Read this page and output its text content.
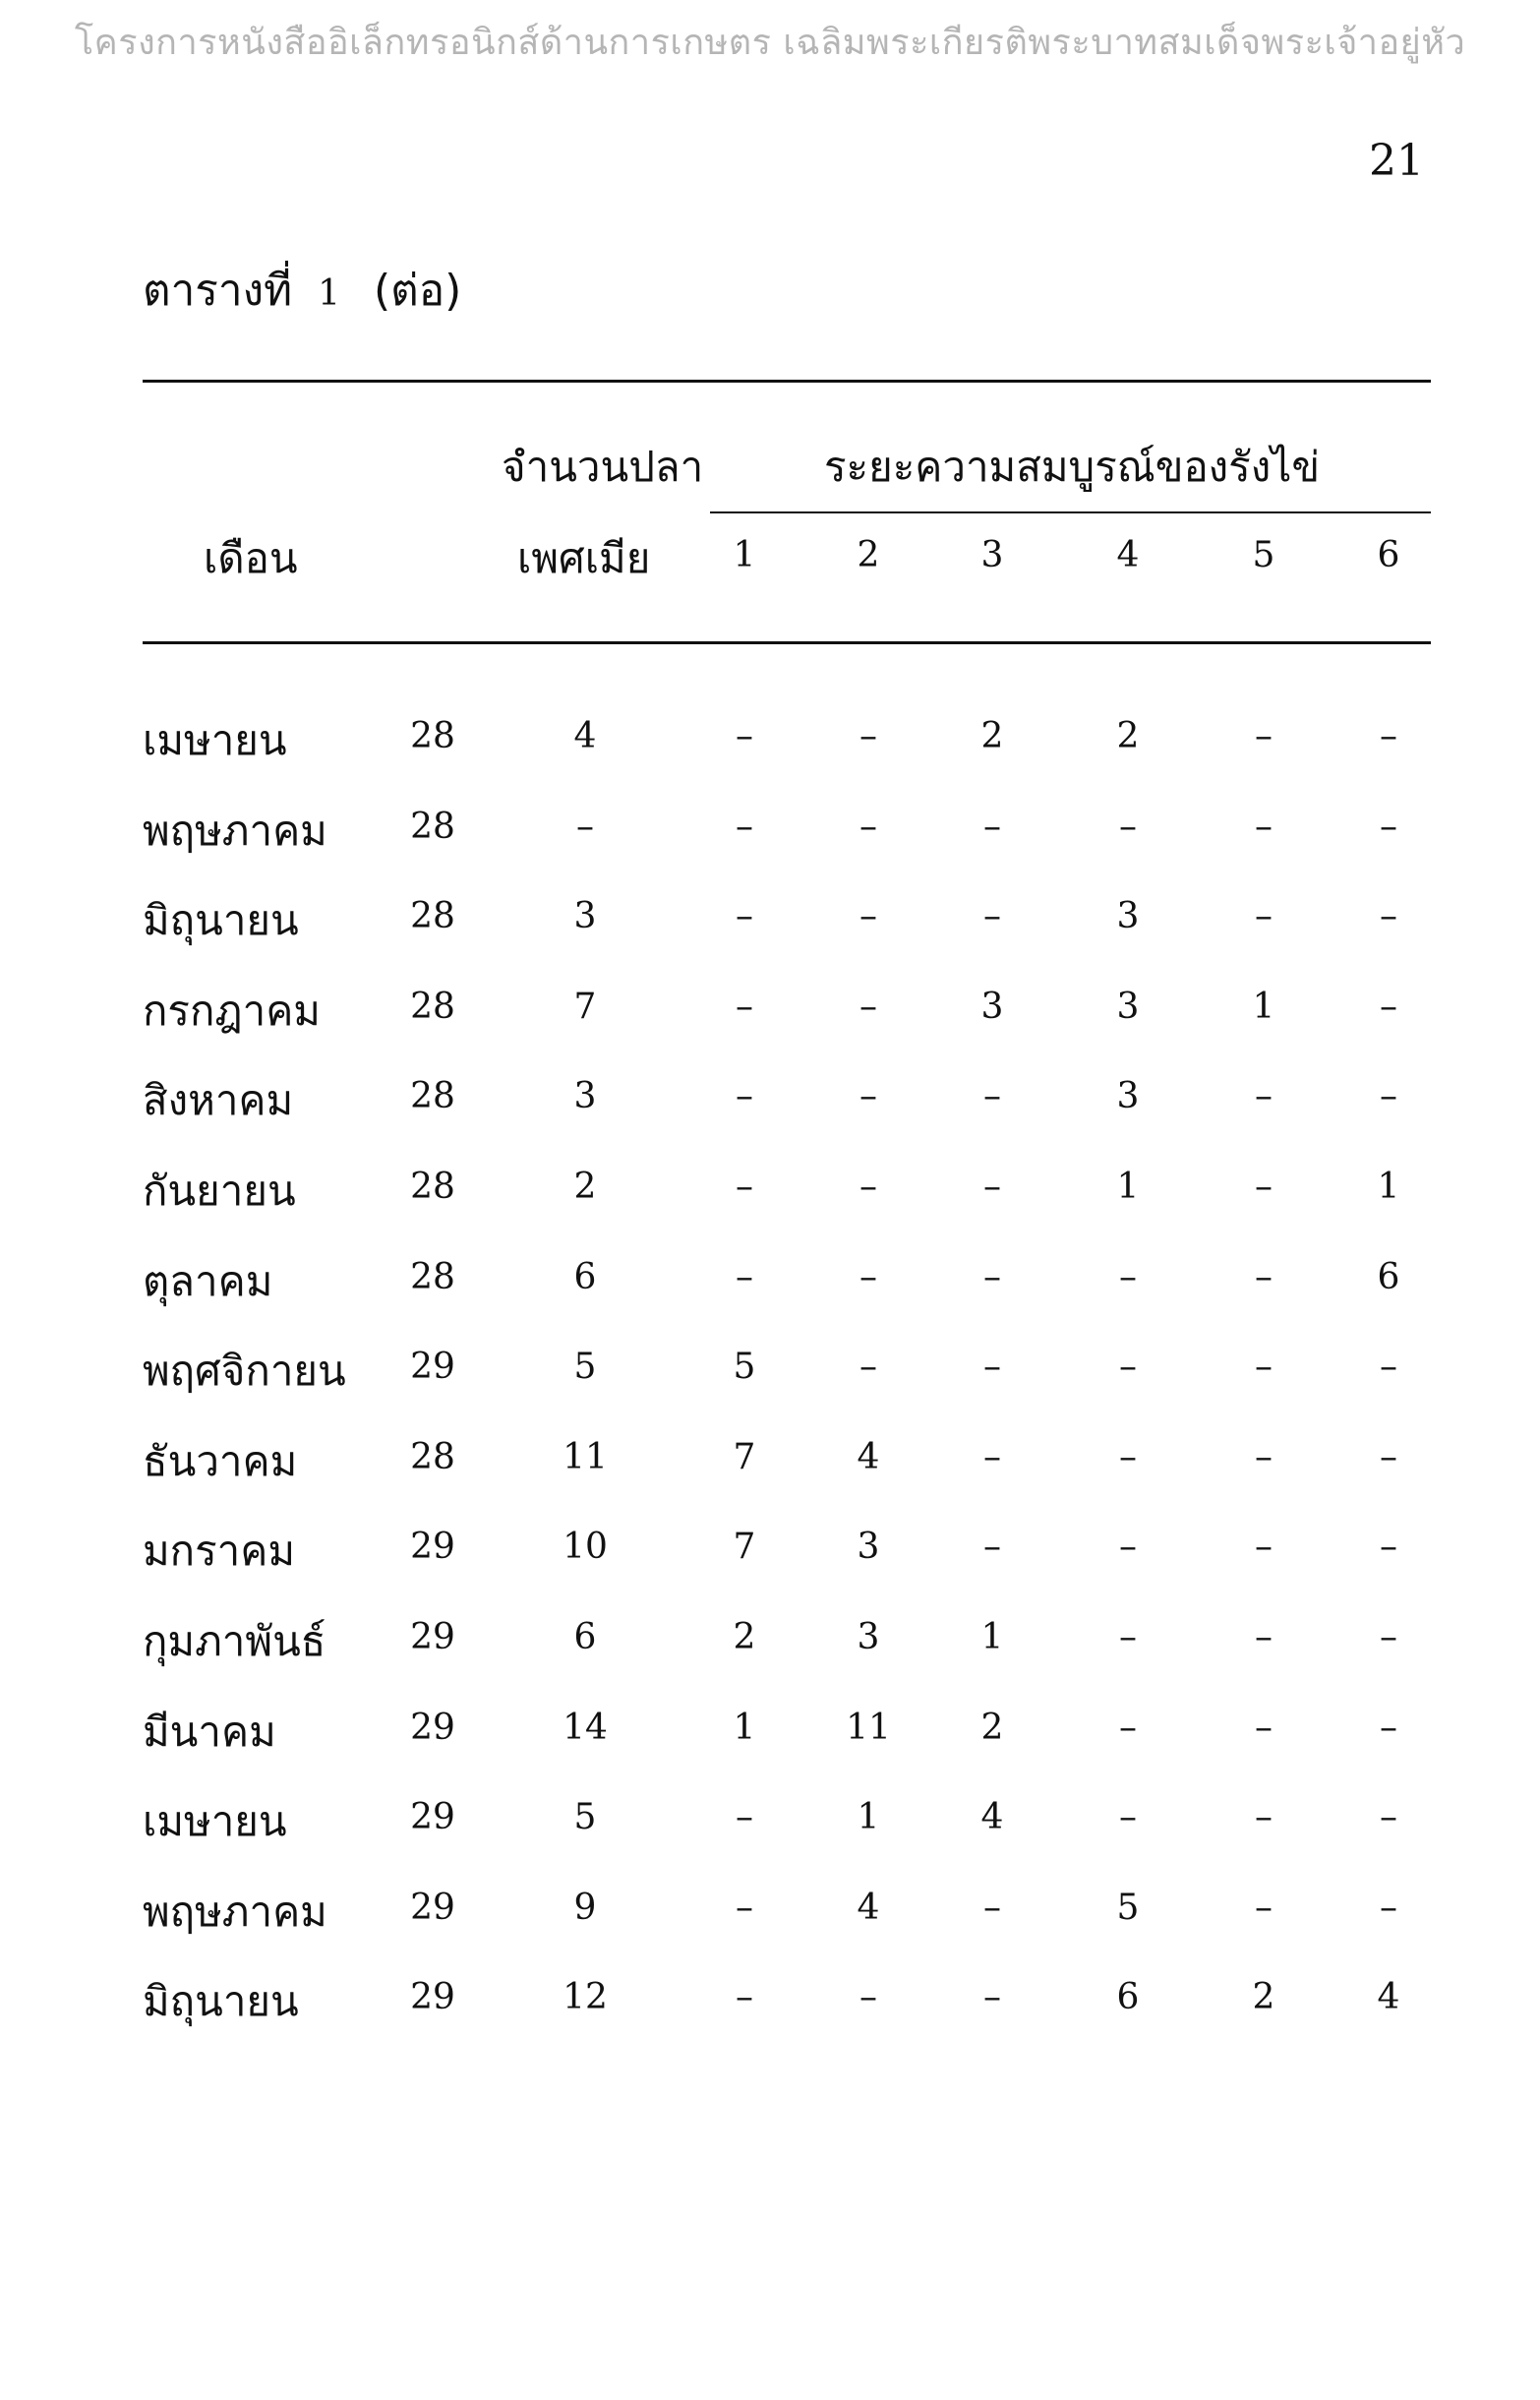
โครงการหนังสืออิเล็กทรอนิกส์ด้านการเกษตร เฉลิมพระเกียรติพระบาทสมเด็จพระเจ้าอยู่หัว
21
ตารางที่ 1 (ต่อ)
เดือน
จำนวนปลา
เพศเมีย
ระยะความสมบูรณ์ของรังไข่
1	2	3	4	5	6
เมษายน	28	4	–	–	2	2	–	–
พฤษภาคม	28	–	–	–	–	–	–	–
มิถุนายน	28	3	–	–	–	3	–	–
กรกฎาคม	28	7	–	–	3	3	1	–
สิงหาคม	28	3	–	–	–	3	–	–
กันยายน	28	2	–	–	–	1	–	1
ตุลาคม	28	6	–	–	–	–	–	6
พฤศจิกายน	29	5	5	–	–	–	–	–
ธันวาคม	28	11	7	4	–	–	–	–
มกราคม	29	10	7	3	–	–	–	–
กุมภาพันธ์	29	6	2	3	1	–	–	–
มีนาคม	29	14	1	11	2	–	–	–
เมษายน	29	5	–	1	4	–	–	–
พฤษภาคม	29	9	–	4	–	5	–	–
มิถุนายน	29	12	–	–	–	6	2	4
